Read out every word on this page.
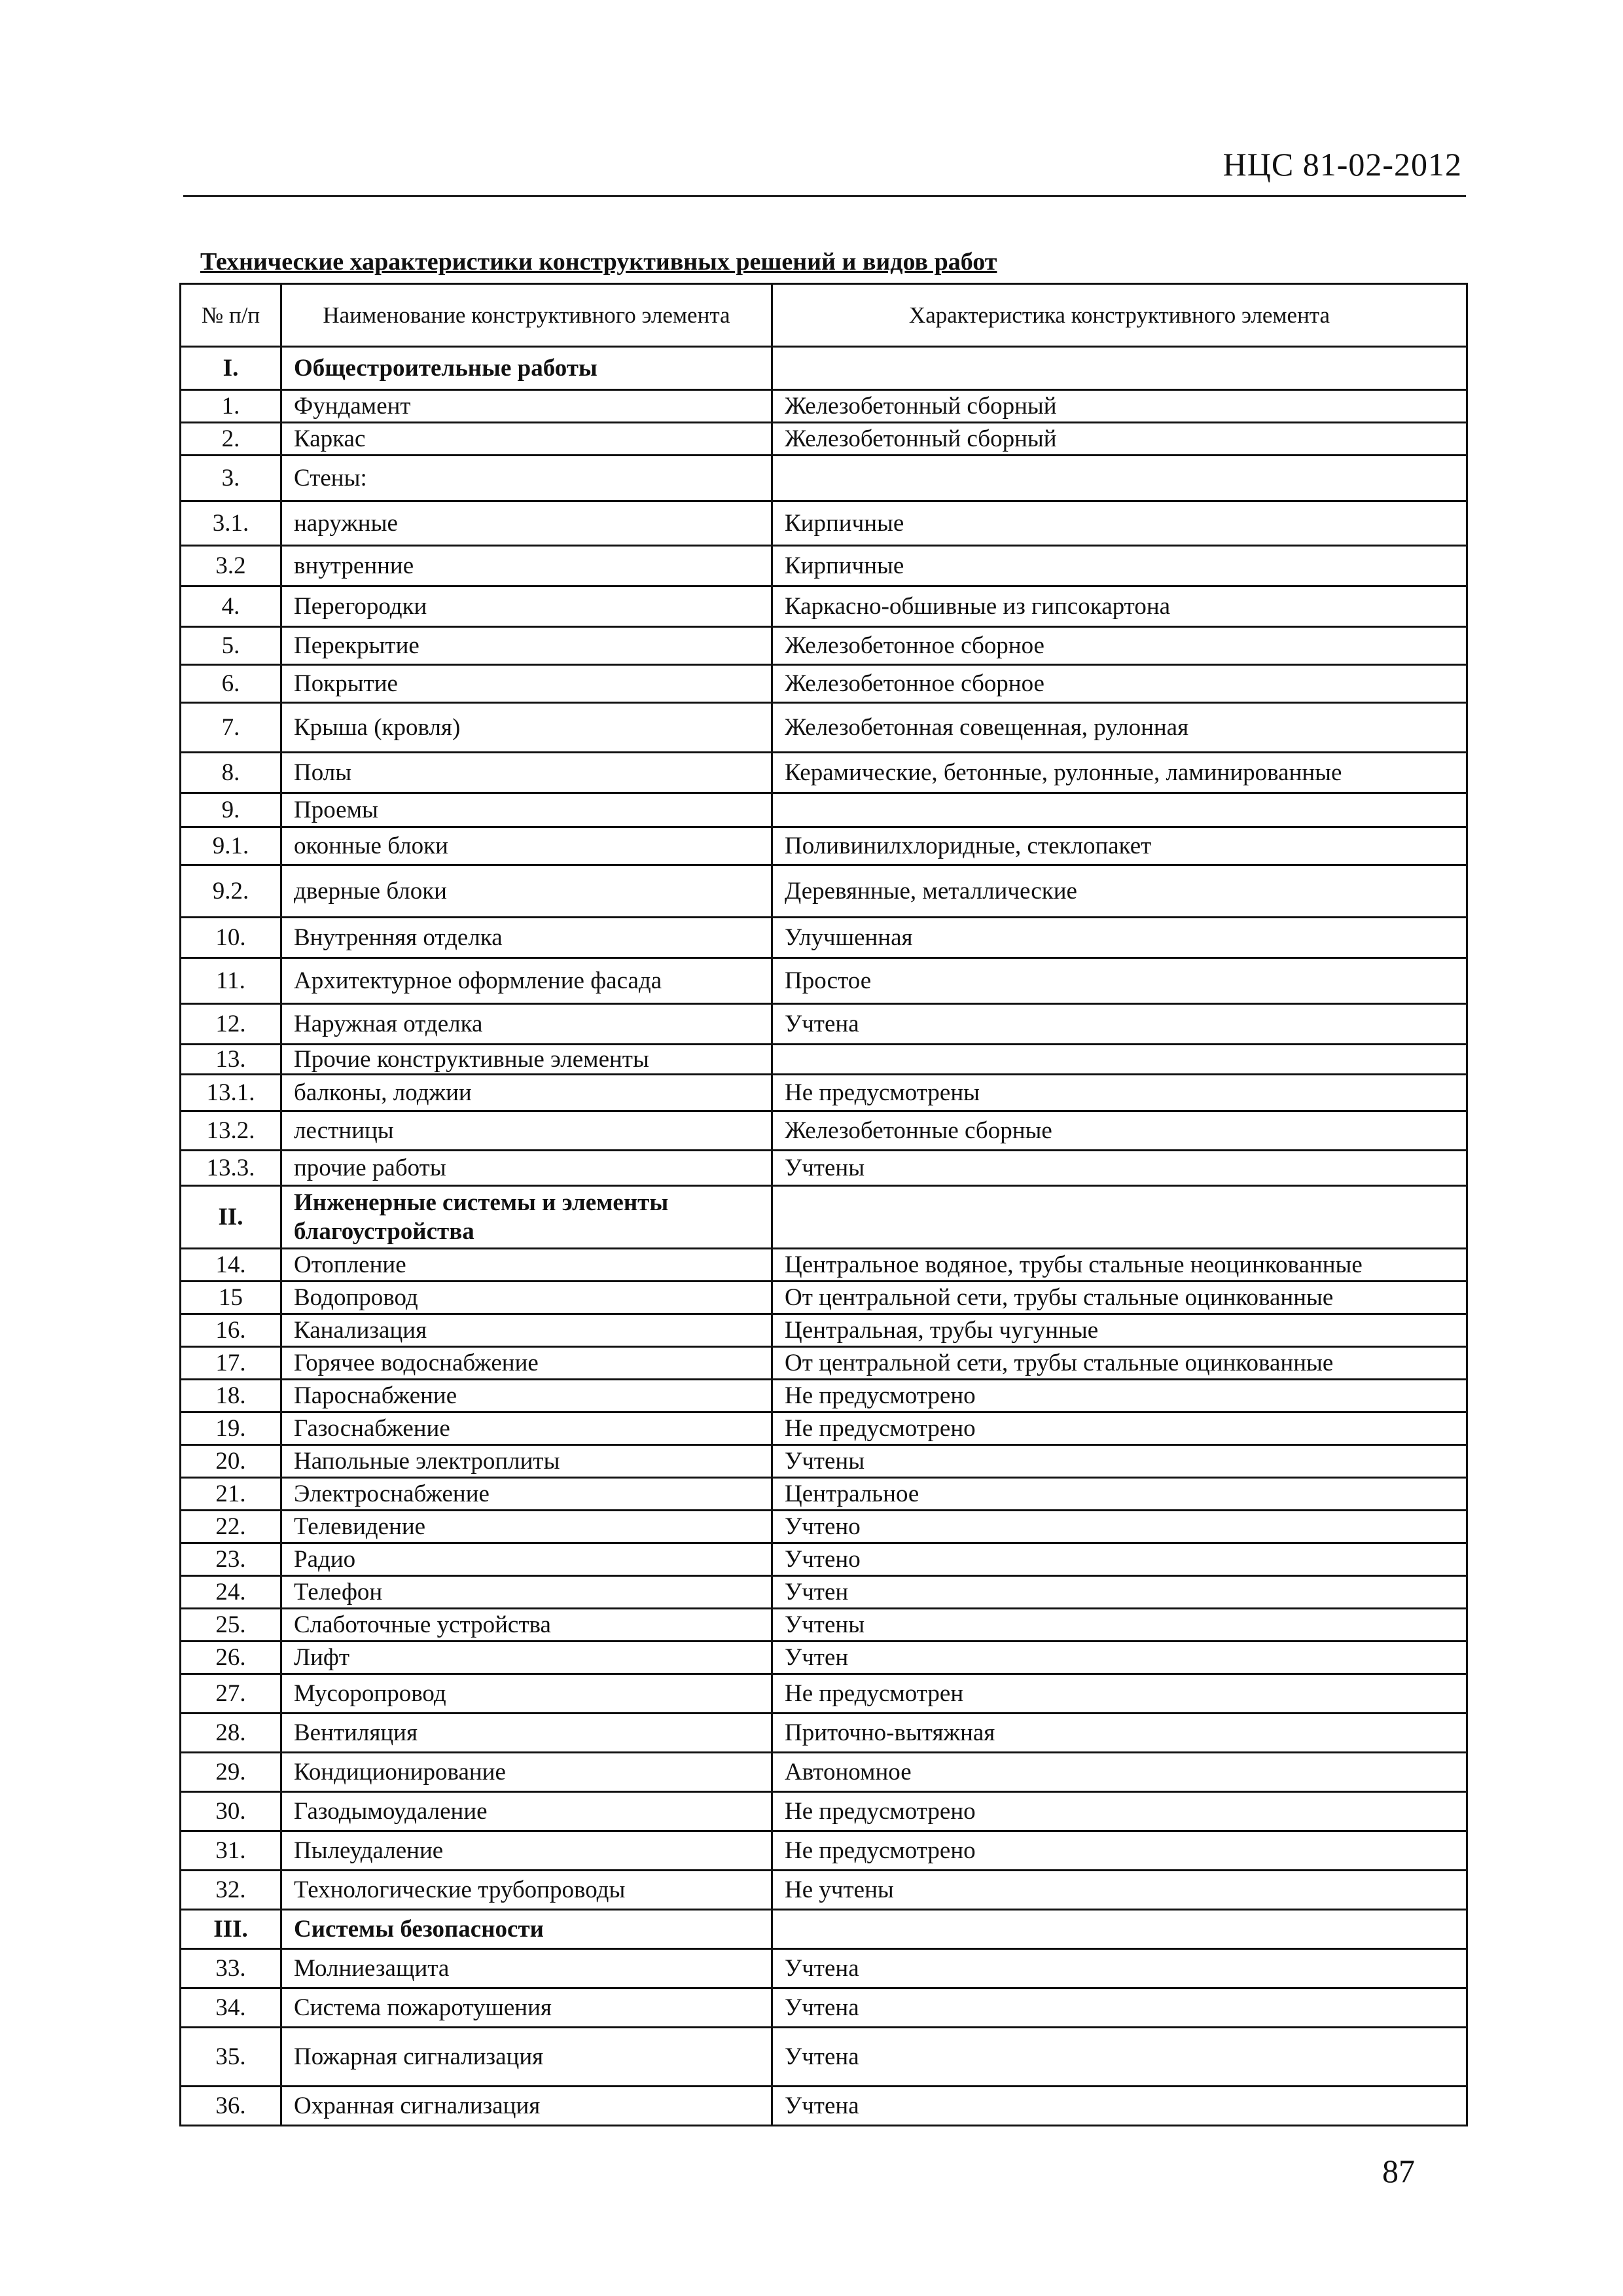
НЦС 81-02-2012
Технические характеристики конструктивных решений и видов работ
№ п/п	Наименование конструктивного элемента	Характеристика конструктивного элемента
I.	Общестроительные работы	
1.	Фундамент	Железобетонный сборный
2.	Каркас	Железобетонный сборный
3.	Стены:	
3.1.	наружные	Кирпичные
3.2	внутренние	Кирпичные
4.	Перегородки	Каркасно-обшивные из гипсокартона
5.	Перекрытие	Железобетонное сборное
6.	Покрытие	Железобетонное сборное
7.	Крыша (кровля)	Железобетонная совещенная, рулонная
8.	Полы	Керамические, бетонные, рулонные, ламинированные
9.	Проемы	
9.1.	оконные блоки	Поливинилхлоридные, стеклопакет
9.2.	дверные блоки	Деревянные, металлические
10.	Внутренняя отделка	Улучшенная
11.	Архитектурное оформление фасада	Простое
12.	Наружная отделка	Учтена
13.	Прочие конструктивные элементы	
13.1.	балконы, лоджии	Не предусмотрены
13.2.	лестницы	Железобетонные сборные
13.3.	прочие работы	Учтены
II.	Инженерные системы и элементы благоустройства	
14.	Отопление	Центральное водяное, трубы стальные неоцинкованные
15	Водопровод	От центральной сети, трубы стальные оцинкованные
16.	Канализация	Центральная, трубы чугунные
17.	Горячее водоснабжение	От центральной сети, трубы стальные оцинкованные
18.	Пароснабжение	Не предусмотрено
19.	Газоснабжение	Не предусмотрено
20.	Напольные электроплиты	Учтены
21.	Электроснабжение	Центральное
22.	Телевидение	Учтено
23.	Радио	Учтено
24.	Телефон	Учтен
25.	Слаботочные устройства	Учтены
26.	Лифт	Учтен
27.	Мусоропровод	Не предусмотрен
28.	Вентиляция	Приточно-вытяжная
29.	Кондиционирование	Автономное
30.	Газодымоудаление	Не предусмотрено
31.	Пылеудаление	Не предусмотрено
32.	Технологические трубопроводы	Не учтены
III.	Системы безопасности	
33.	Молниезащита	Учтена
34.	Система пожаротушения	Учтена
35.	Пожарная сигнализация	Учтена
36.	Охранная сигнализация	Учтена
87
